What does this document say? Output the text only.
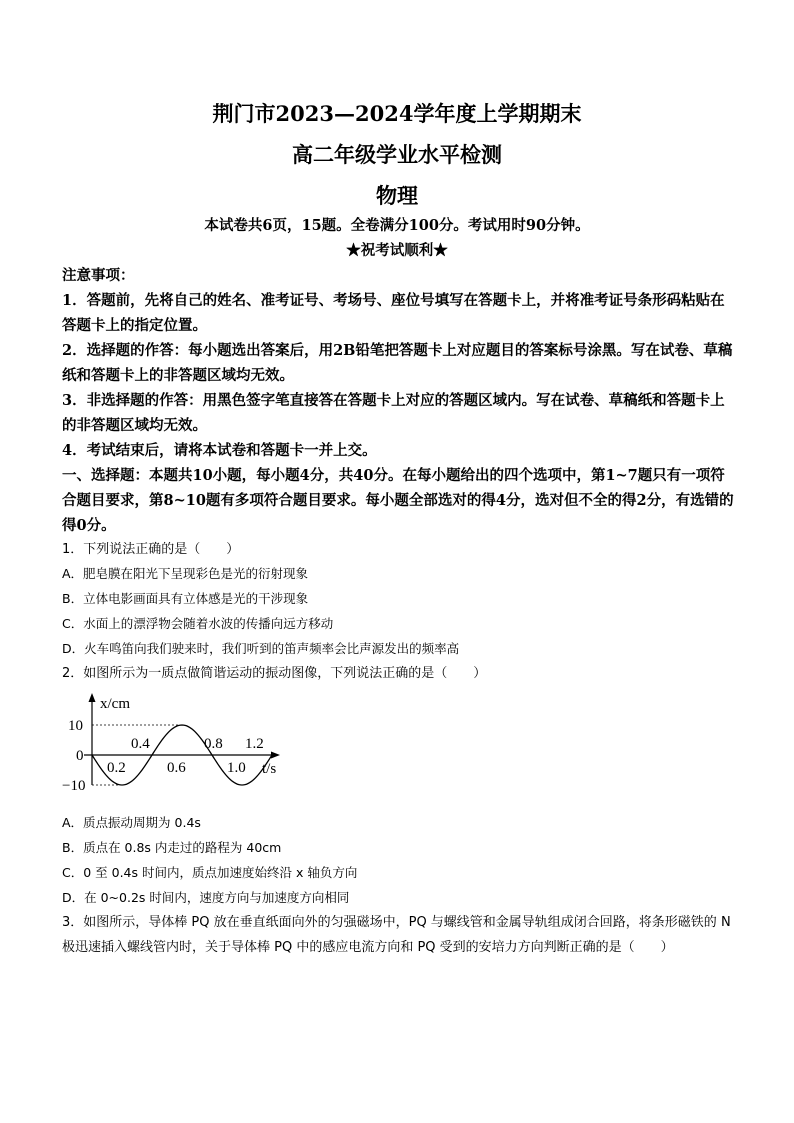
荆门市2023—2024学年度上学期期末
高二年级学业水平检测
物理
本试卷共6页，15题。全卷满分100分。考试用时90分钟。
★祝考试顺利★

注意事项：

1．答题前，先将自己的姓名、准考证号、考场号、座位号填写在答题卡上，并将准考证号条形码粘贴在答题卡上的指定位置。

2．选择题的作答：每小题选出答案后，用2B铅笔把答题卡上对应题目的答案标号涂黑。写在试卷、草稿纸和答题卡上的非答题区域均无效。

3．非选择题的作答：用黑色签字笔直接答在答题卡上对应的答题区域内。写在试卷、草稿纸和答题卡上的非答题区域均无效。

4．考试结束后，请将本试卷和答题卡一并上交。

一、选择题：本题共10小题，每小题4分，共40分。在每小题给出的四个选项中，第1~7题只有一项符合题目要求，第8~10题有多项符合题目要求。每小题全部选对的得4分，选对但不全的得2分，有选错的得0分。

1．下列说法正确的是（　　）
A．肥皂膜在阳光下呈现彩色是光的衍射现象
B．立体电影画面具有立体感是光的干涉现象
C．水面上的漂浮物会随着水波的传播向远方移动
D．火车鸣笛向我们驶来时，我们听到的笛声频率会比声源发出的频率高
2．如图所示为一质点做简谐运动的振动图像，下列说法正确的是（　　）
x/cm
t/s
10
0
−10
0.4	0.8 1.2
0.2	0.6	1.0
A．质点振动周期为 0.4s
B．质点在 0.8s 内走过的路程为 40cm
C．0 至 0.4s 时间内，质点加速度始终沿 x 轴负方向
D．在 0~0.2s 时间内，速度方向与加速度方向相同
3．如图所示，导体棒 PQ 放在垂直纸面向外的匀强磁场中，PQ 与螺线管和金属导轨组成闭合回路，将条形磁铁的 N 极迅速插入螺线管内时，关于导体棒 PQ 中的感应电流方向和 PQ 受到的安培力方向判断正确的是（　　）
